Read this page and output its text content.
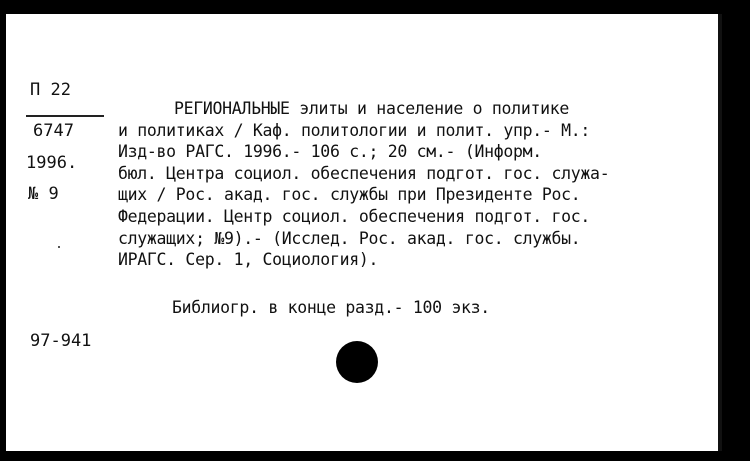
П 22
6747
1996.
№ 9
РЕГИОНАЛЬНЫЕ элиты и население о политике
и политиках / Каф. политологии и полит. упр.- М.:
Изд-во РАГС. 1996.- 106 с.; 20 см.- (Информ.
бюл. Центра социол. обеспечения подгот. гос. служа-
щих / Рос. акад. гос. службы при Президенте Рос.
Федерации. Центр социол. обеспечения подгот. гос.
служащих; №9).- (Исслед. Рос. акад. гос. службы.
ИРАГС. Сер. 1, Социология).
Библиогр. в конце разд.- 100 экз.
97-941
